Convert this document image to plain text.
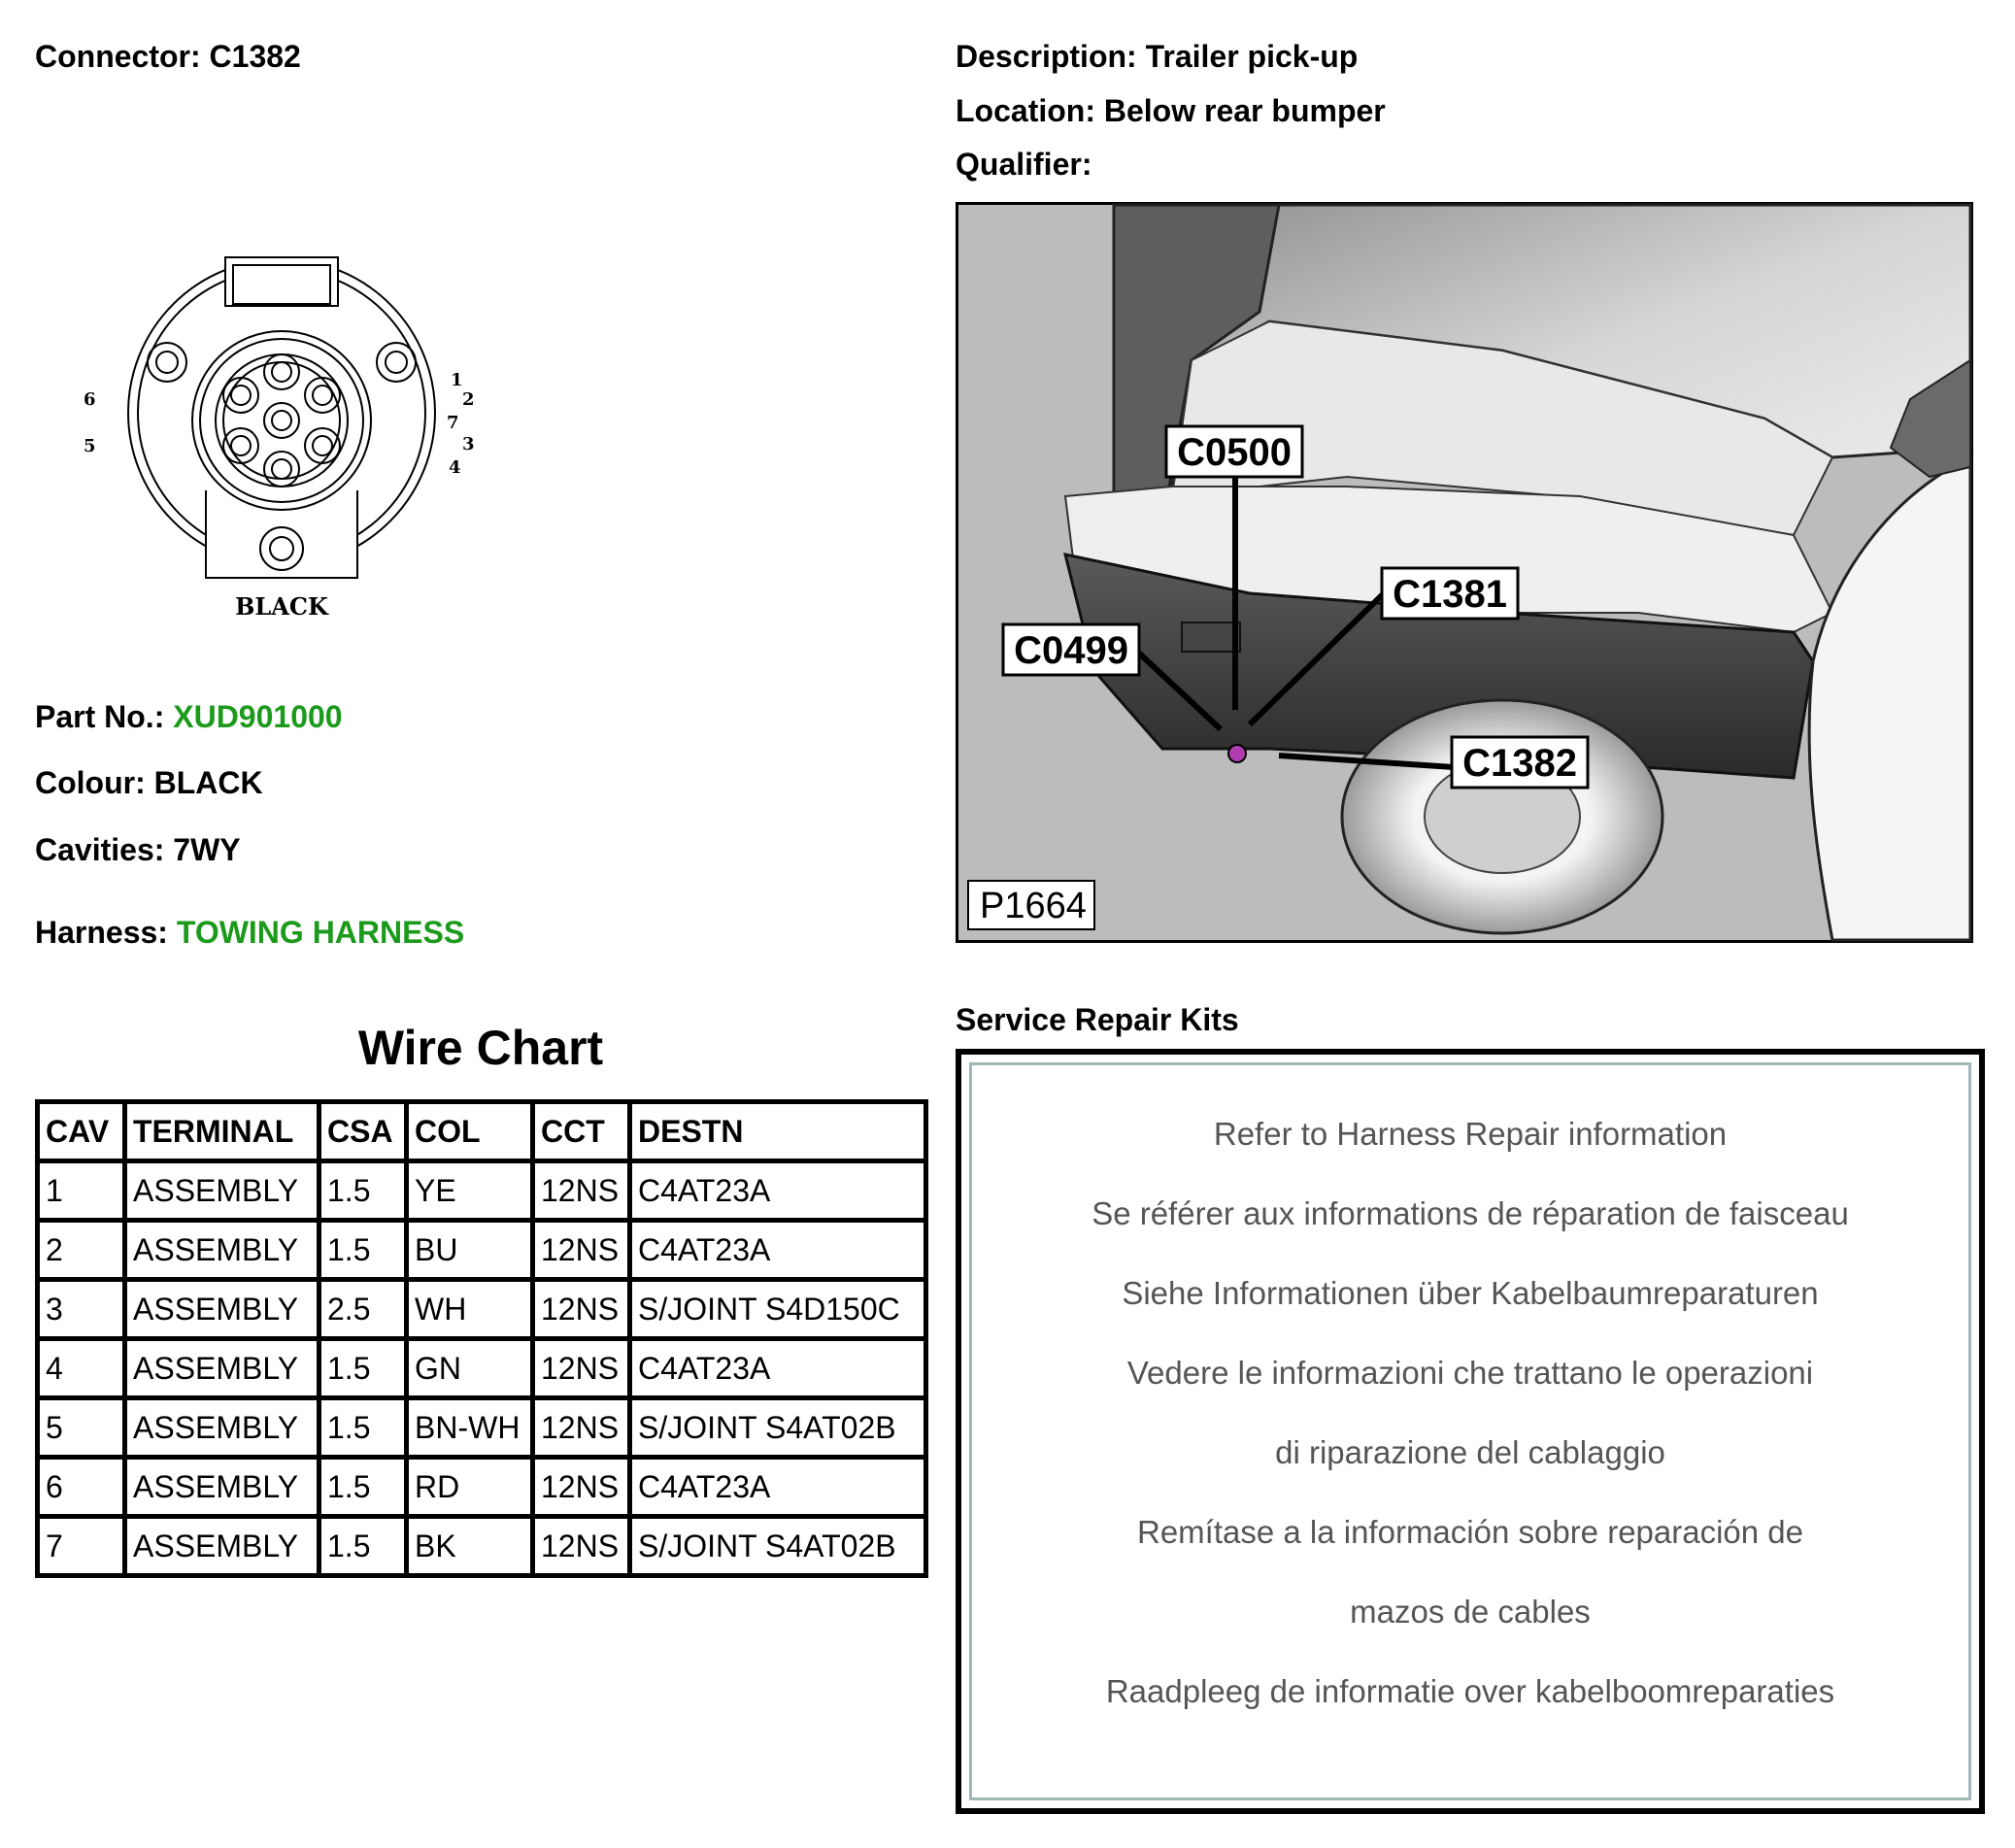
Connector: C1382	Description: Trailer pick-up
Location: Below rear bumper
Qualifier:
6
5
1
2
7
3
4
BLACK
Part No.: XUD901000
Colour: BLACK
Cavities: 7WY
Harness: TOWING HARNESS
Wire Chart
CAV	TERMINAL	CSA	COL	CCT	DESTN
1	ASSEMBLY	1.5	YE	12NS	C4AT23A
2	ASSEMBLY	1.5	BU	12NS	C4AT23A
3	ASSEMBLY	2.5	WH	12NS	S/JOINT S4D150C
4	ASSEMBLY	1.5	GN	12NS	C4AT23A
5	ASSEMBLY	1.5	BN-WH	12NS	S/JOINT S4AT02B
6	ASSEMBLY	1.5	RD	12NS	C4AT23A
7	ASSEMBLY	1.5	BK	12NS	S/JOINT S4AT02B
C0500
C1381
C0499
C1382
P1664
Service Repair Kits
Refer to Harness Repair information
Se référer aux informations de réparation de faisceau
Siehe Informationen über Kabelbaumreparaturen
Vedere le informazioni che trattano le operazioni
di riparazione del cablaggio
Remítase a la información sobre reparación de
mazos de cables
Raadpleeg de informatie over kabelboomreparaties
